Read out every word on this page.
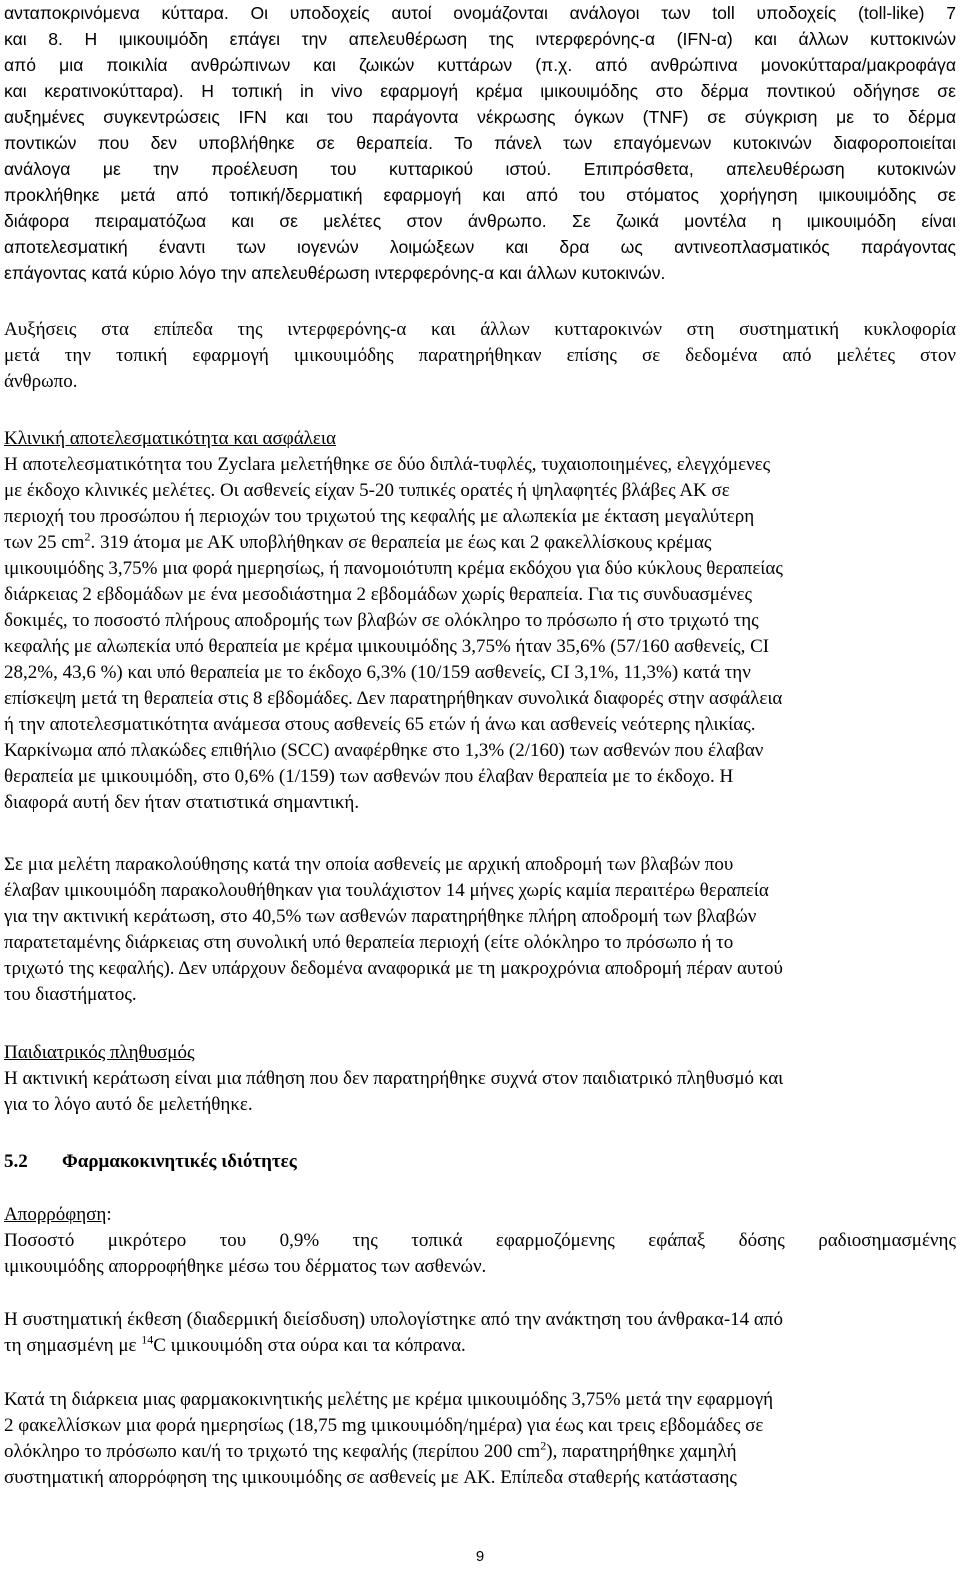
ανταποκρινόμενα κύτταρα. Οι υποδοχείς αυτοί ονομάζονται ανάλογοι των toll υποδοχείς (toll-like) 7
και 8. Η ιμικουιμόδη επάγει την απελευθέρωση της ιντερφερόνης-α (IFN-α) και άλλων κυττοκινών
από μια ποικιλία ανθρώπινων και ζωικών κυττάρων (π.χ. από ανθρώπινα μονοκύτταρα/μακροφάγα
και κερατινοκύτταρα). Η τοπική in vivo εφαρμογή κρέμα ιμικουιμόδης στο δέρμα ποντικού οδήγησε σε
αυξημένες συγκεντρώσεις IFN και του παράγοντα νέκρωσης όγκων (TNF) σε σύγκριση με το δέρμα
ποντικών που δεν υποβλήθηκε σε θεραπεία. Το πάνελ των επαγόμενων κυτοκινών διαφοροποιείται
ανάλογα με την προέλευση του κυτταρικού ιστού. Επιπρόσθετα, απελευθέρωση κυτοκινών
προκλήθηκε μετά από τοπική/δερματική εφαρμογή και από του στόματος χορήγηση ιμικουιμόδης σε
διάφορα πειραματόζωα και σε μελέτες στον άνθρωπο. Σε ζωικά μοντέλα η ιμικουιμόδη είναι
αποτελεσματική έναντι των ιογενών λοιμώξεων και δρα ως αντινεοπλασματικός παράγοντας
επάγοντας κατά κύριο λόγο την απελευθέρωση ιντερφερόνης-α και άλλων κυτοκινών.
Αυξήσεις στα επίπεδα της ιντερφερόνης-α και άλλων κυτταροκινών στη συστηματική κυκλοφορία
μετά την τοπική εφαρμογή ιμικουιμόδης παρατηρήθηκαν επίσης σε δεδομένα από μελέτες στον
άνθρωπο.
Κλινική αποτελεσματικότητα και ασφάλεια
Η αποτελεσματικότητα του Zyclara μελετήθηκε σε δύο διπλά-τυφλές, τυχαιοποιημένες, ελεγχόμενες
με έκδοχο κλινικές μελέτες. Οι ασθενείς είχαν 5-20 τυπικές ορατές ή ψηλαφητές βλάβες ΑΚ σε
περιοχή του προσώπου ή περιοχών του τριχωτού της κεφαλής με αλωπεκία με έκταση μεγαλύτερη
των 25 $cm^2$. 319 άτομα με ΑΚ υποβλήθηκαν σε θεραπεία με έως και 2 φακελλίσκους κρέμας
ιμικουιμόδης 3,75% μια φορά ημερησίως, ή πανομοιότυπη κρέμα εκδόχου για δύο κύκλους θεραπείας
διάρκειας 2 εβδομάδων με ένα μεσοδιάστημα 2 εβδομάδων χωρίς θεραπεία. Για τις συνδυασμένες
δοκιμές, το ποσοστό πλήρους αποδρομής των βλαβών σε ολόκληρο το πρόσωπο ή στο τριχωτό της
κεφαλής με αλωπεκία υπό θεραπεία με κρέμα ιμικουιμόδης 3,75% ήταν 35,6% (57/160 ασθενείς, CI
28,2%, 43,6 %) και υπό θεραπεία με το έκδοχο 6,3% (10/159 ασθενείς, CI 3,1%, 11,3%) κατά την
επίσκεψη μετά τη θεραπεία στις 8 εβδομάδες. Δεν παρατηρήθηκαν συνολικά διαφορές στην ασφάλεια
ή την αποτελεσματικότητα ανάμεσα στους ασθενείς 65 ετών ή άνω και ασθενείς νεότερης ηλικίας.
Καρκίνωμα από πλακώδες επιθήλιο (SCC) αναφέρθηκε στο 1,3% (2/160) των ασθενών που έλαβαν
θεραπεία με ιμικουιμόδη, στο 0,6% (1/159) των ασθενών που έλαβαν θεραπεία με το έκδοχο. Η
διαφορά αυτή δεν ήταν στατιστικά σημαντική.
Σε μια μελέτη παρακολούθησης κατά την οποία ασθενείς με αρχική αποδρομή των βλαβών που
έλαβαν ιμικουιμόδη παρακολουθήθηκαν για τουλάχιστον 14 μήνες χωρίς καμία περαιτέρω θεραπεία
για την ακτινική κεράτωση, στο 40,5% των ασθενών παρατηρήθηκε πλήρη αποδρομή των βλαβών
παρατεταμένης διάρκειας στη συνολική υπό θεραπεία περιοχή (είτε ολόκληρο το πρόσωπο ή το
τριχωτό της κεφαλής). Δεν υπάρχουν δεδομένα αναφορικά με τη μακροχρόνια αποδρομή πέραν αυτού
του διαστήματος.
Παιδιατρικός πληθυσμός
Η ακτινική κεράτωση είναι μια πάθηση που δεν παρατηρήθηκε συχνά στον παιδιατρικό πληθυσμό και
για το λόγο αυτό δε μελετήθηκε.
5.2 Φαρμακοκινητικές ιδιότητες
Απορρόφηση:
Ποσοστό μικρότερο του 0,9% της τοπικά εφαρμοζόμενης εφάπαξ δόσης ραδιοσημασμένης
ιμικουιμόδης απορροφήθηκε μέσω του δέρματος των ασθενών.
Η συστηματική έκθεση (διαδερμική διείσδυση) υπολογίστηκε από την ανάκτηση του άνθρακα-14 από
τη σημασμένη με $^{14}$C ιμικουιμόδη στα ούρα και τα κόπρανα.
Κατά τη διάρκεια μιας φαρμακοκινητικής μελέτης με κρέμα ιμικουιμόδης 3,75% μετά την εφαρμογή
2 φακελλίσκων μια φορά ημερησίως (18,75 mg ιμικουιμόδη/ημέρα) για έως και τρεις εβδομάδες σε
ολόκληρο το πρόσωπο και/ή το τριχωτό της κεφαλής (περίπου 200 $cm^2$), παρατηρήθηκε χαμηλή
συστηματική απορρόφηση της ιμικουιμόδης σε ασθενείς με AK. Επίπεδα σταθερής κατάστασης
9
